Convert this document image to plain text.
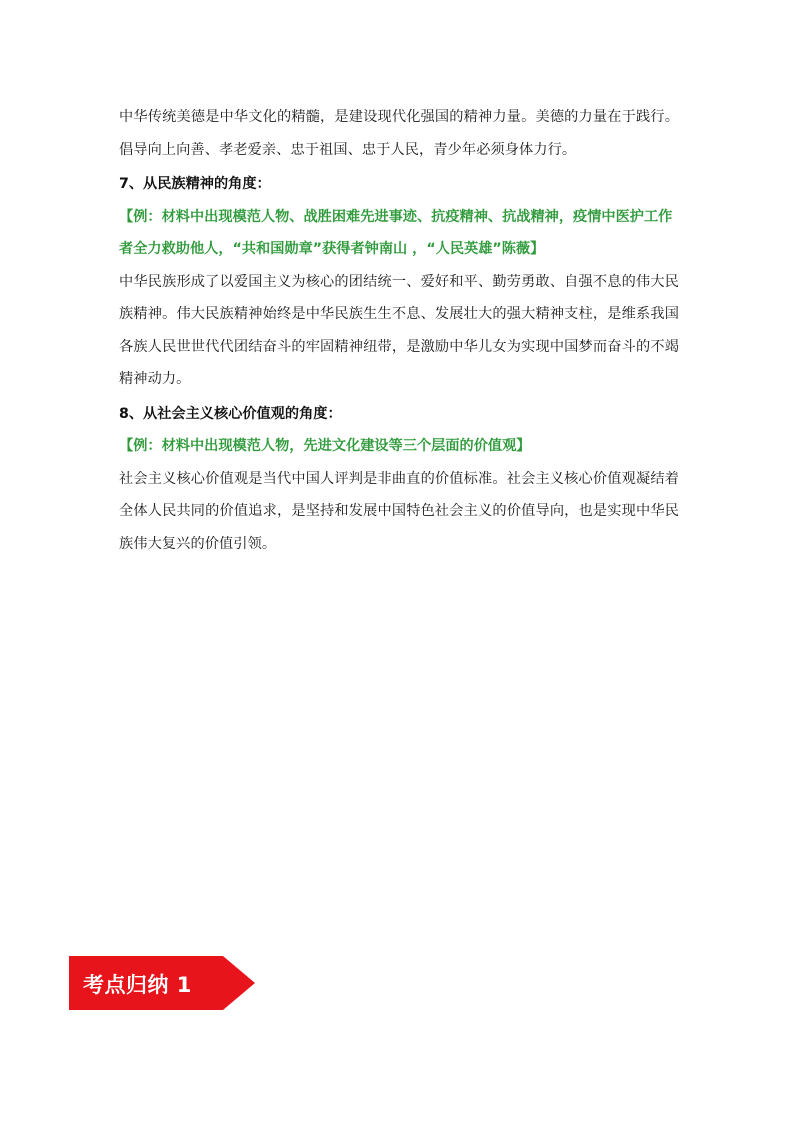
中华传统美德是中华文化的精髓，是建设现代化强国的精神力量。美德的力量在于践行。倡导向上向善、孝老爱亲、忠于祖国、忠于人民，青少年必须身体力行。

7、从民族精神的角度：

【例：材料中出现模范人物、战胜困难先进事迹、抗疫精神、抗战精神，疫情中医护工作者全力救助他人，“共和国勋章”获得者钟南山 ，“人民英雄”陈薇】

中华民族形成了以爱国主义为核心的团结统一、爱好和平、勤劳勇敢、自强不息的伟大民族精神。伟大民族精神始终是中华民族生生不息、发展壮大的强大精神支柱，是维系我国各族人民世世代代团结奋斗的牢固精神纽带，是激励中华儿女为实现中国梦而奋斗的不竭精神动力。

8、从社会主义核心价值观的角度：

【例：材料中出现模范人物，先进文化建设等三个层面的价值观】

社会主义核心价值观是当代中国人评判是非曲直的价值标准。社会主义核心价值观凝结着全体人民共同的价值追求，是坚持和发展中国特色社会主义的价值导向，也是实现中华民族伟大复兴的价值引领。

考点归纳 1
